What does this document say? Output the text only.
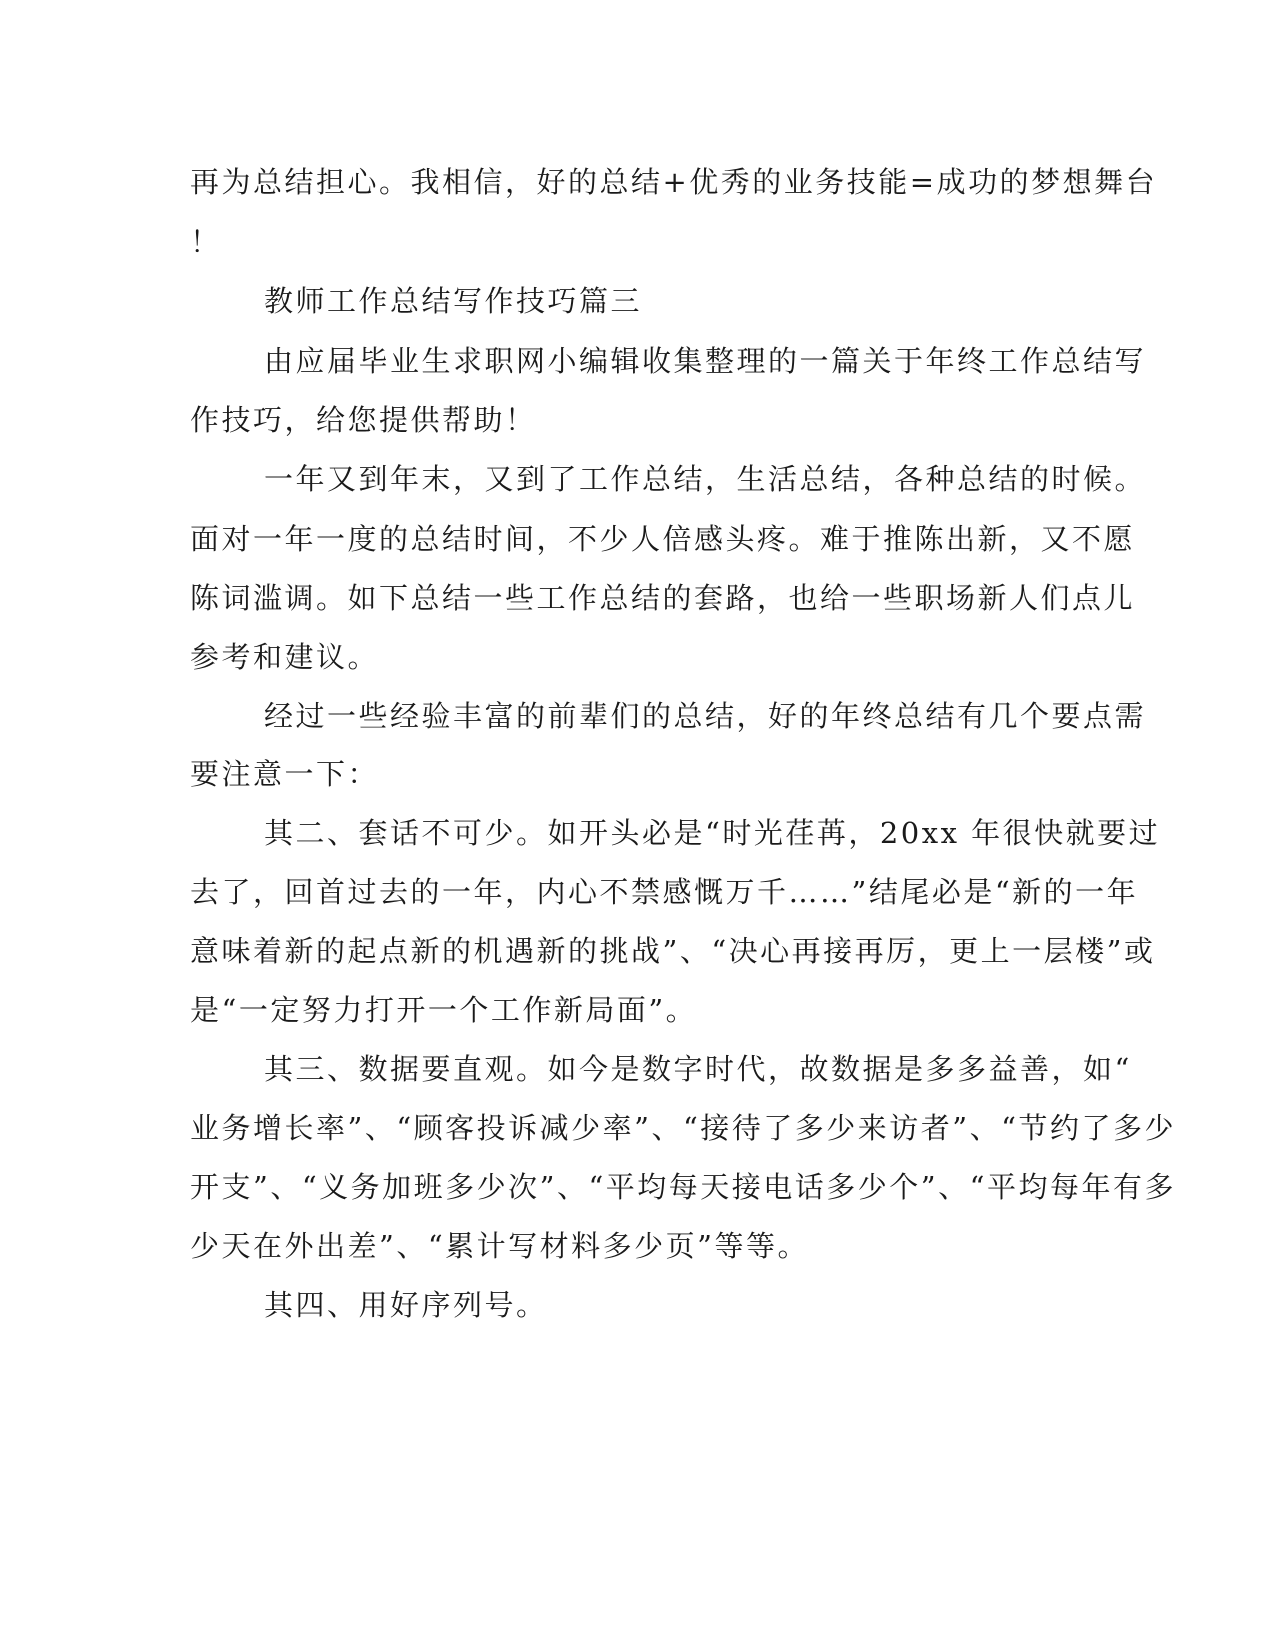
再为总结担心。我相信，好的总结+优秀的业务技能=成功的梦想舞台
！
教师工作总结写作技巧篇三
由应届毕业生求职网小编辑收集整理的一篇关于年终工作总结写
作技巧，给您提供帮助！
一年又到年末，又到了工作总结，生活总结，各种总结的时候。
面对一年一度的总结时间，不少人倍感头疼。难于推陈出新，又不愿
陈词滥调。如下总结一些工作总结的套路，也给一些职场新人们点儿
参考和建议。
经过一些经验丰富的前辈们的总结，好的年终总结有几个要点需
要注意一下：
其二、套话不可少。如开头必是“时光荏苒，20xx 年很快就要过
去了，回首过去的一年，内心不禁感慨万千……”结尾必是“新的一年
意味着新的起点新的机遇新的挑战”、“决心再接再厉，更上一层楼”或
是“一定努力打开一个工作新局面”。
其三、数据要直观。如今是数字时代，故数据是多多益善，如“
业务增长率”、“顾客投诉减少率”、“接待了多少来访者”、“节约了多少
开支”、“义务加班多少次”、“平均每天接电话多少个”、“平均每年有多
少天在外出差”、“累计写材料多少页”等等。
其四、用好序列号。
